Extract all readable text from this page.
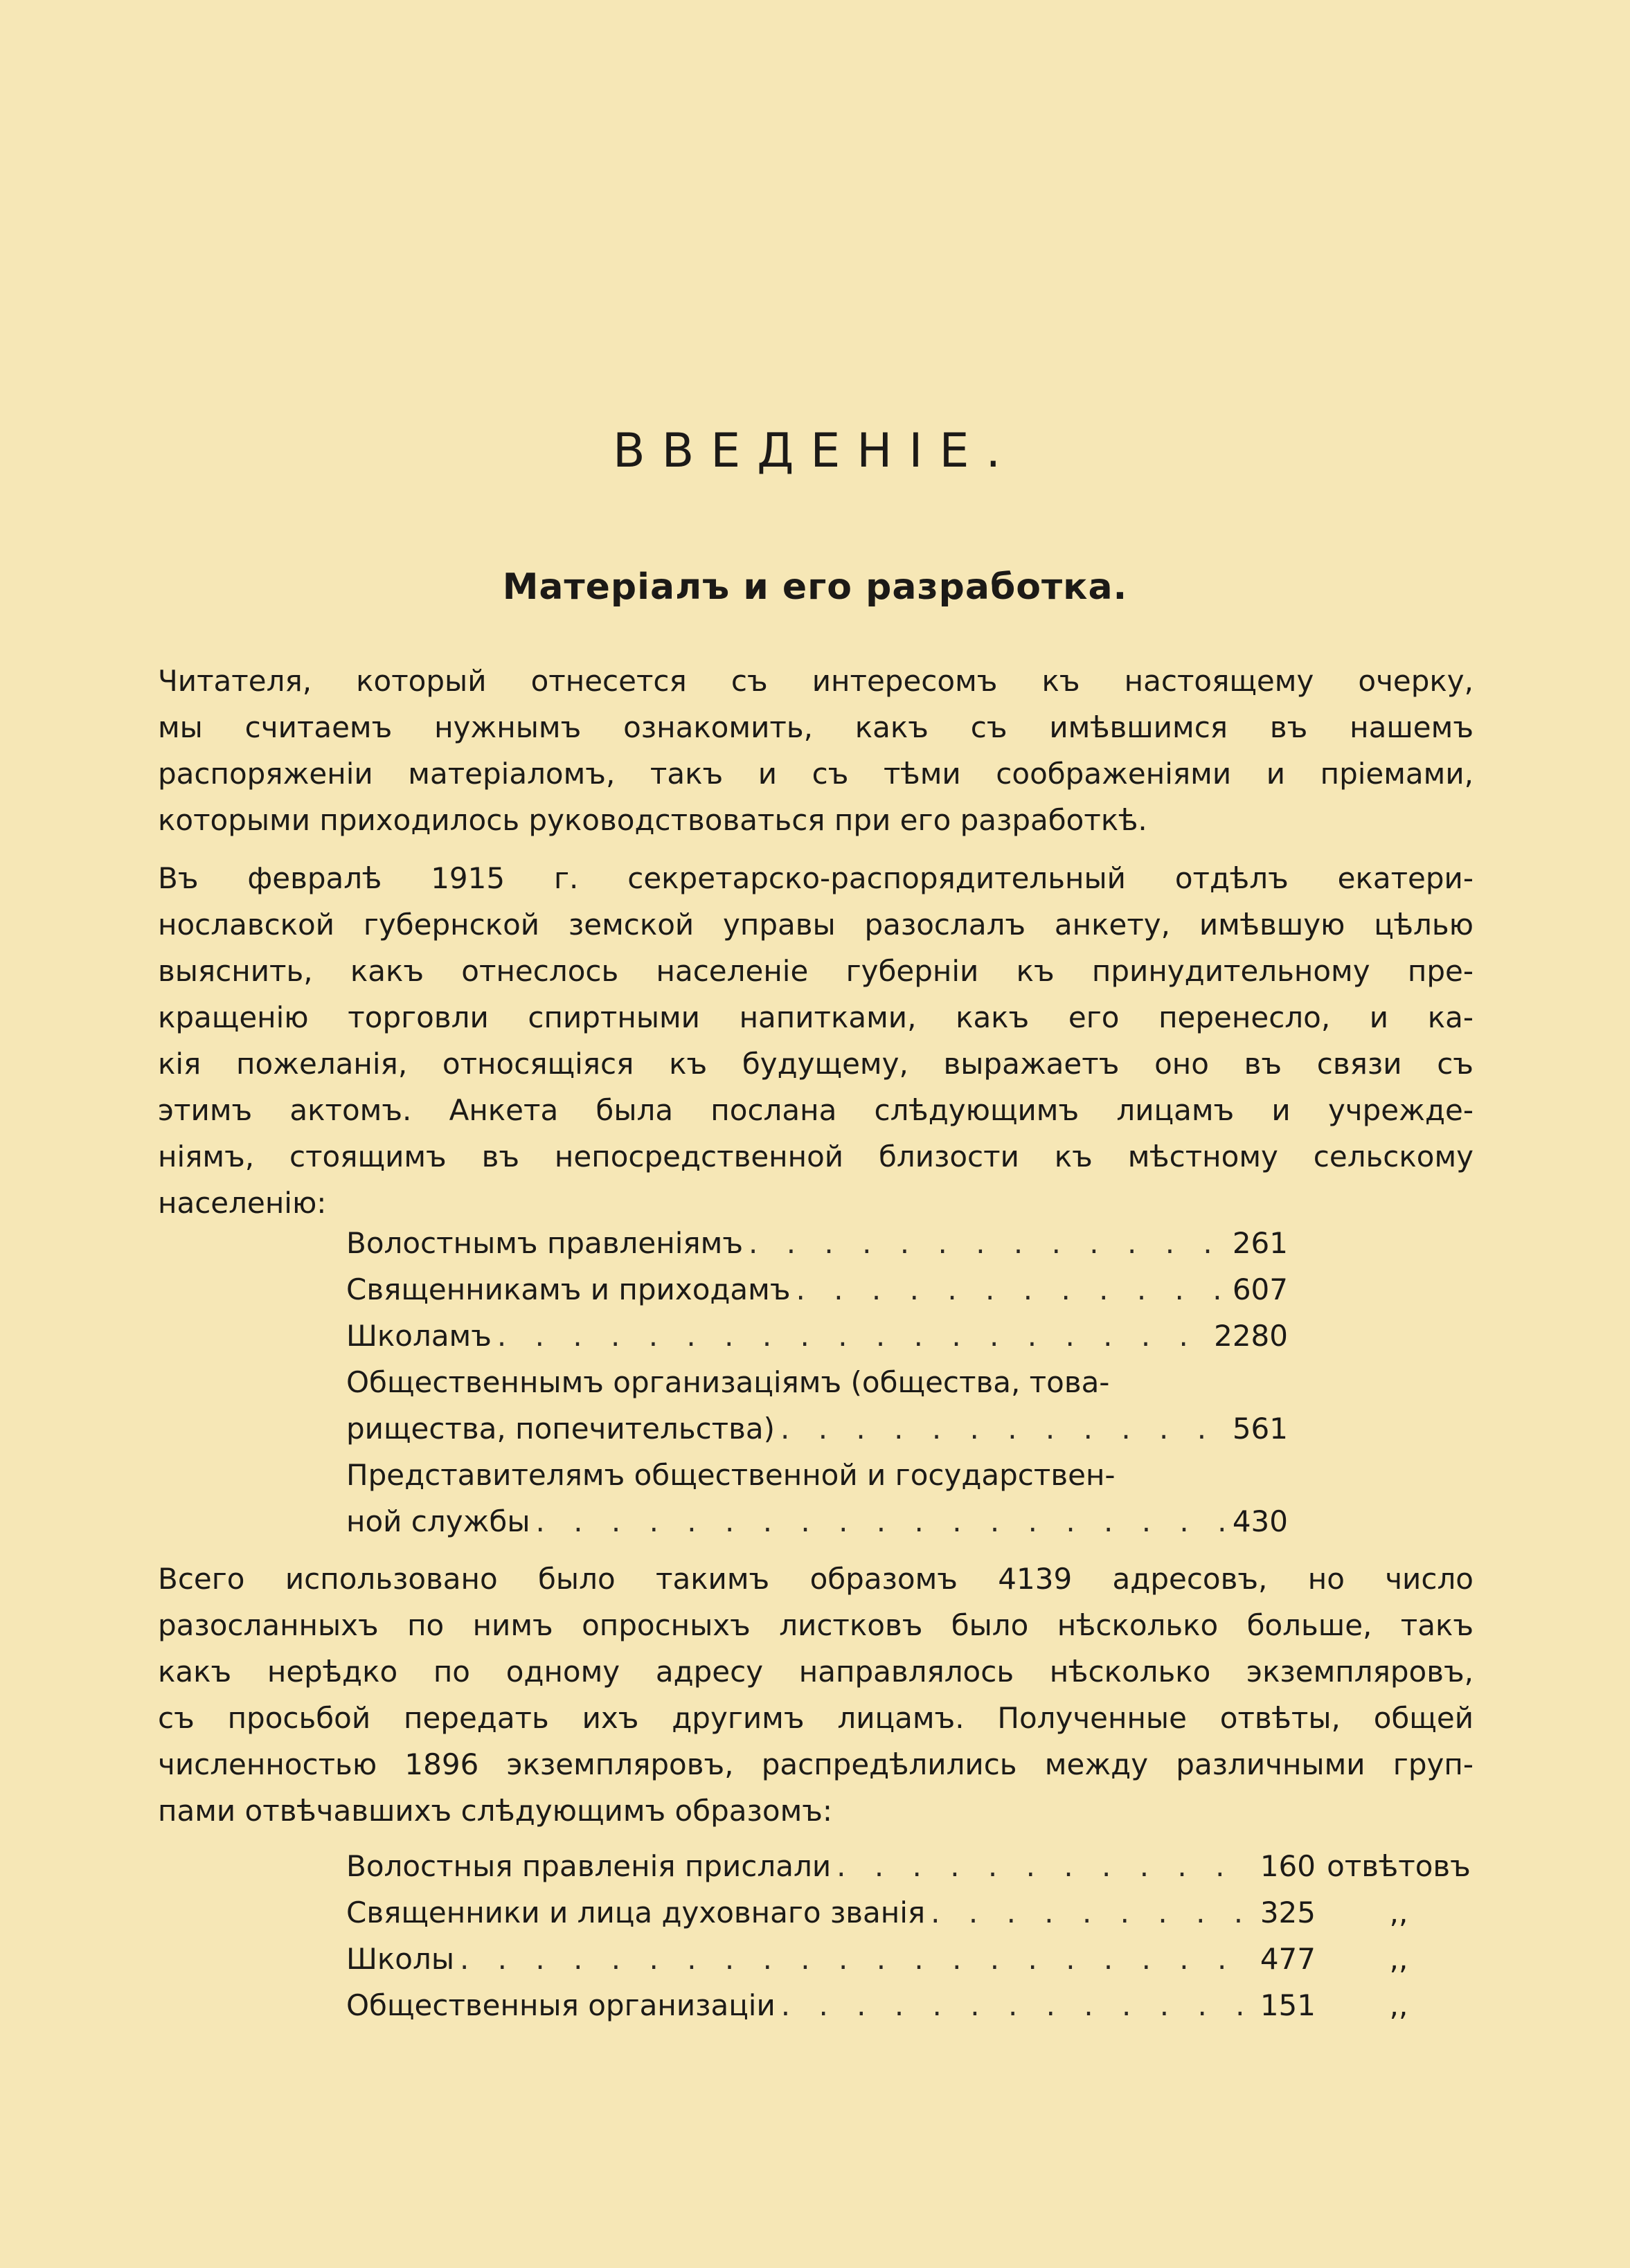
ВВЕДЕНІЕ.
Матеріалъ и его разработка.

Читателя, который отнесется съ интересомъ къ настоящему очерку,
мы считаемъ нужнымъ ознакомить, какъ съ имѣвшимся въ нашемъ
распоряженіи матеріаломъ, такъ и съ тѣми соображеніями и пріемами,
которыми приходилось руководствоваться при его разработкѣ.

Въ февралѣ 1915 г. секретарско-распорядительный отдѣлъ екатери-
нославской губернской земской управы разослалъ анкету, имѣвшую цѣлью
выяснить, какъ отнеслось населеніе губерніи къ принудительному пре-
кращенію торговли спиртными напитками, какъ его перенесло, и ка-
кія пожеланія, относящіяся къ будущему, выражаетъ оно въ связи съ
этимъ актомъ. Анкета была послана слѣдующимъ лицамъ и учрежде-
ніямъ, стоящимъ въ непосредственной близости къ мѣстному сельскому
населенію:

Волостнымъ правленіямъ . . .	261
Священникамъ и приходамъ . . .	607
Школамъ . . .	2280
Общественнымъ организаціямъ (общества, това-
рищества, попечительства) . . .	561
Представителямъ общественной и государствен-
ной службы . . .	430

Всего использовано было такимъ образомъ 4139 адресовъ, но число
разосланныхъ по нимъ опросныхъ листковъ было нѣсколько больше, такъ
какъ нерѣдко по одному адресу направлялось нѣсколько экземпляровъ,
съ просьбой передать ихъ другимъ лицамъ. Полученные отвѣты, общей
численностью 1896 экземпляровъ, распредѣлились между различными груп-
пами отвѣчавшихъ слѣдующимъ образомъ:

Волостныя правленія прислали . . .	160 отвѣтовъ
Священники и лица духовнаго званія . . .	325	,,
Школы . . .	477	,,
Общественныя организаціи . . .	151	,,
